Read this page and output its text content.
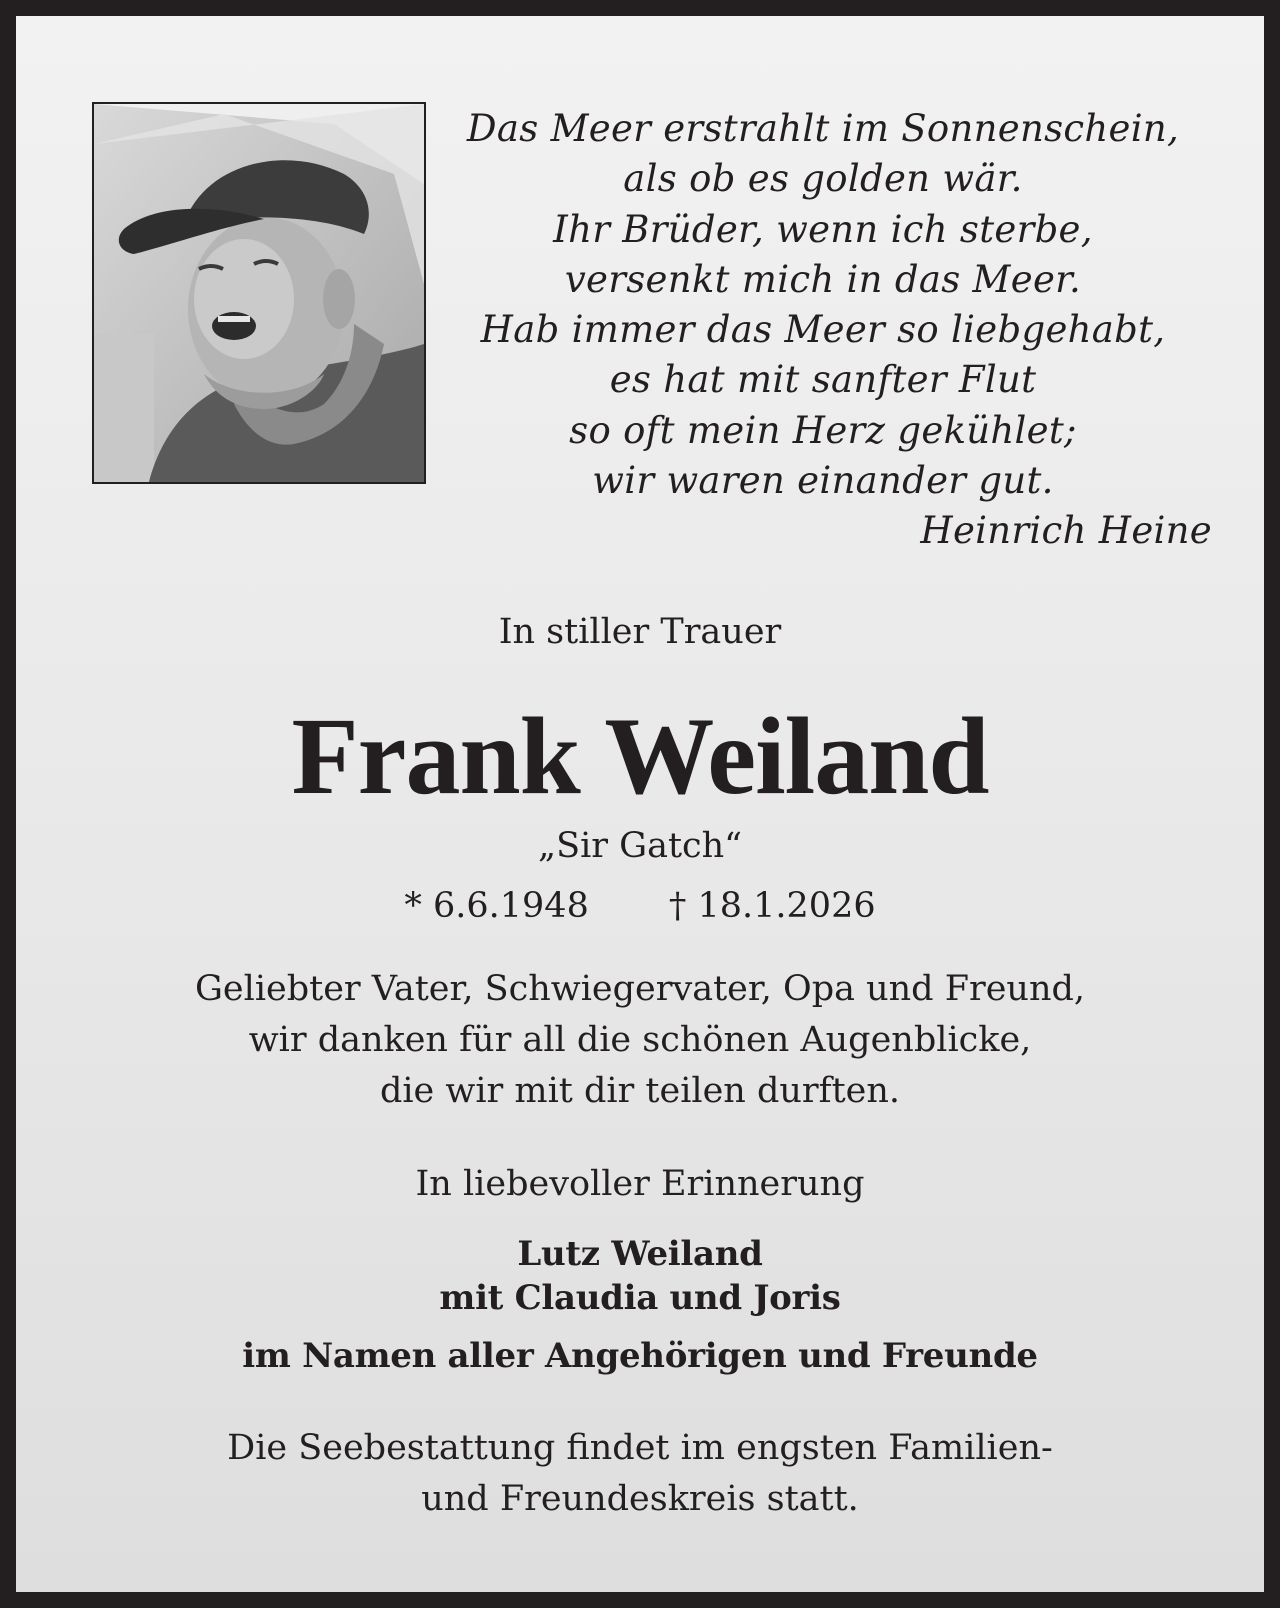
Das Meer erstrahlt im Sonnenschein,
als ob es golden wär.
Ihr Brüder, wenn ich sterbe,
versenkt mich in das Meer.
Hab immer das Meer so liebgehabt,
es hat mit sanfter Flut
so oft mein Herz gekühlet;
wir waren einander gut.
Heinrich Heine
In stiller Trauer
Frank Weiland
„Sir Gatch“
* 6.6.1948 † 18.1.2026
Geliebter Vater, Schwiegervater, Opa und Freund,
wir danken für all die schönen Augenblicke,
die wir mit dir teilen durften.
In liebevoller Erinnerung
Lutz Weiland
mit Claudia und Joris
im Namen aller Angehörigen und Freunde
Die Seebestattung findet im engsten Familien-
und Freundeskreis statt.
